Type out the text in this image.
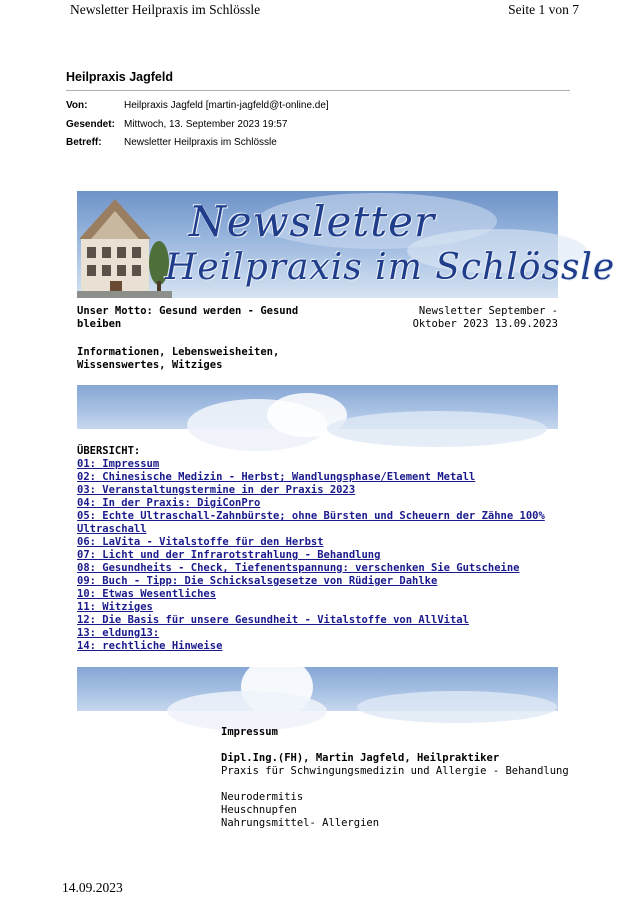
Newsletter Heilpraxis im Schlössle	Seite 1 von 7
Heilpraxis Jagfeld
Von:	Heilpraxis Jagfeld [martin-jagfeld@t-online.de]
Gesendet: Mittwoch, 13. September 2023 19:57
Betreff: Newsletter Heilpraxis im Schlössle
Newsletter
Heilpraxis im Schlössle
Unser Motto: Gesund werden - Gesund bleiben
Newsletter September - Oktober 2023 13.09.2023
Informationen, Lebensweisheiten, Wissenswertes, Witziges
ÜBERSICHT:
01: Impressum
02: Chinesische Medizin - Herbst; Wandlungsphase/Element Metall
03: Veranstaltungstermine in der Praxis 2023
04: In der Praxis: DigiConPro
05: Echte Ultraschall-Zahnbürste; ohne Bürsten und Scheuern der Zähne 100% Ultraschall
06: LaVita - Vitalstoffe für den Herbst
07: Licht und der Infrarotstrahlung - Behandlung
08: Gesundheits - Check, Tiefenentspannung: verschenken Sie Gutscheine
09: Buch - Tipp: Die Schicksalsgesetze von Rüdiger Dahlke
10: Etwas Wesentliches
11: Witziges
12: Die Basis für unsere Gesundheit - Vitalstoffe von AllVital
13: eldung13:
14: rechtliche Hinweise
Impressum
Dipl.Ing.(FH), Martin Jagfeld, Heilpraktiker
Praxis für Schwingungsmedizin und Allergie - Behandlung
Neurodermitis
Heuschnupfen
Nahrungsmittel- Allergien
14.09.2023
